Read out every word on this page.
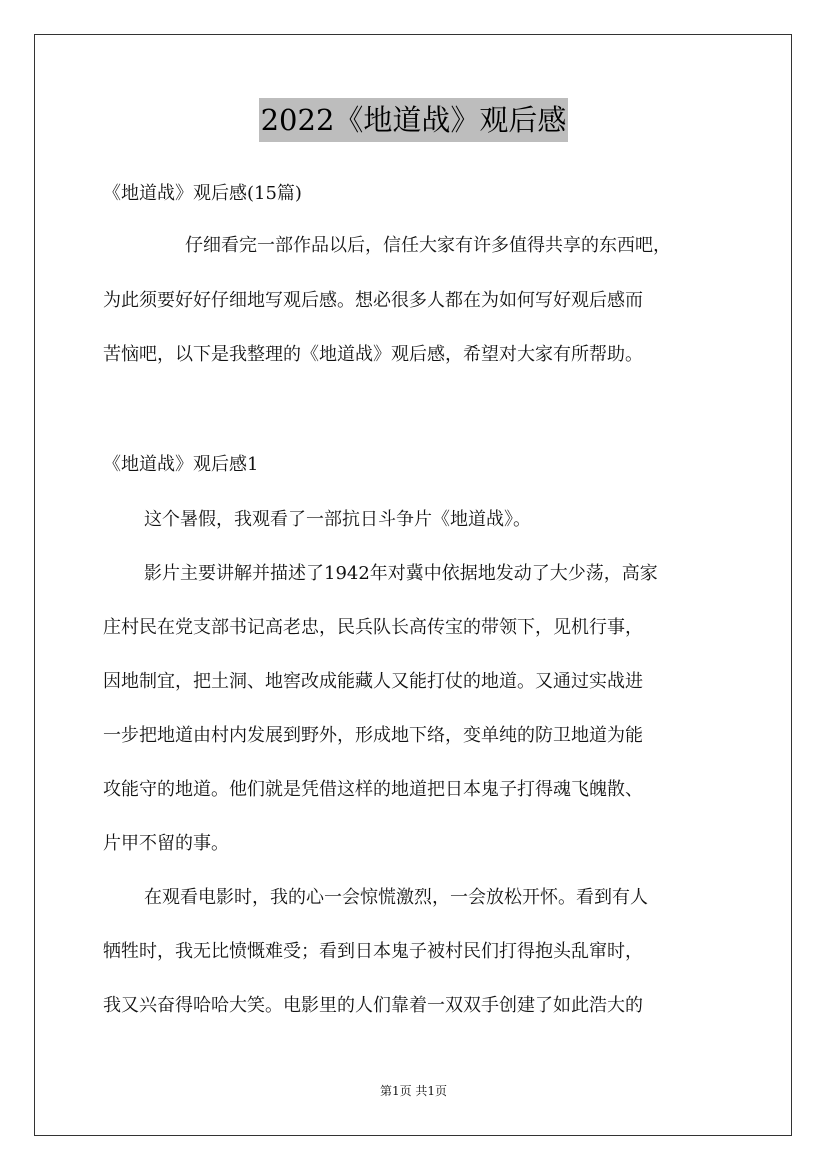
2022《地道战》观后感
《地道战》观后感(15篇)
仔细看完一部作品以后，信任大家有许多值得共享的东西吧，
为此须要好好仔细地写观后感。想必很多人都在为如何写好观后感而
苦恼吧，以下是我整理的《地道战》观后感，希望对大家有所帮助。
《地道战》观后感1
这个暑假，我观看了一部抗日斗争片《地道战》。
影片主要讲解并描述了1942年对冀中依据地发动了大少荡，高家
庄村民在党支部书记高老忠，民兵队长高传宝的带领下，见机行事，
因地制宜，把土洞、地窖改成能藏人又能打仗的地道。又通过实战进
一步把地道由村内发展到野外，形成地下络，变单纯的防卫地道为能
攻能守的地道。他们就是凭借这样的地道把日本鬼子打得魂飞魄散、
片甲不留的事。
在观看电影时，我的心一会惊慌激烈，一会放松开怀。看到有人
牺牲时，我无比愤慨难受；看到日本鬼子被村民们打得抱头乱窜时，
我又兴奋得哈哈大笑。电影里的人们靠着一双双手创建了如此浩大的
第1页 共1页
